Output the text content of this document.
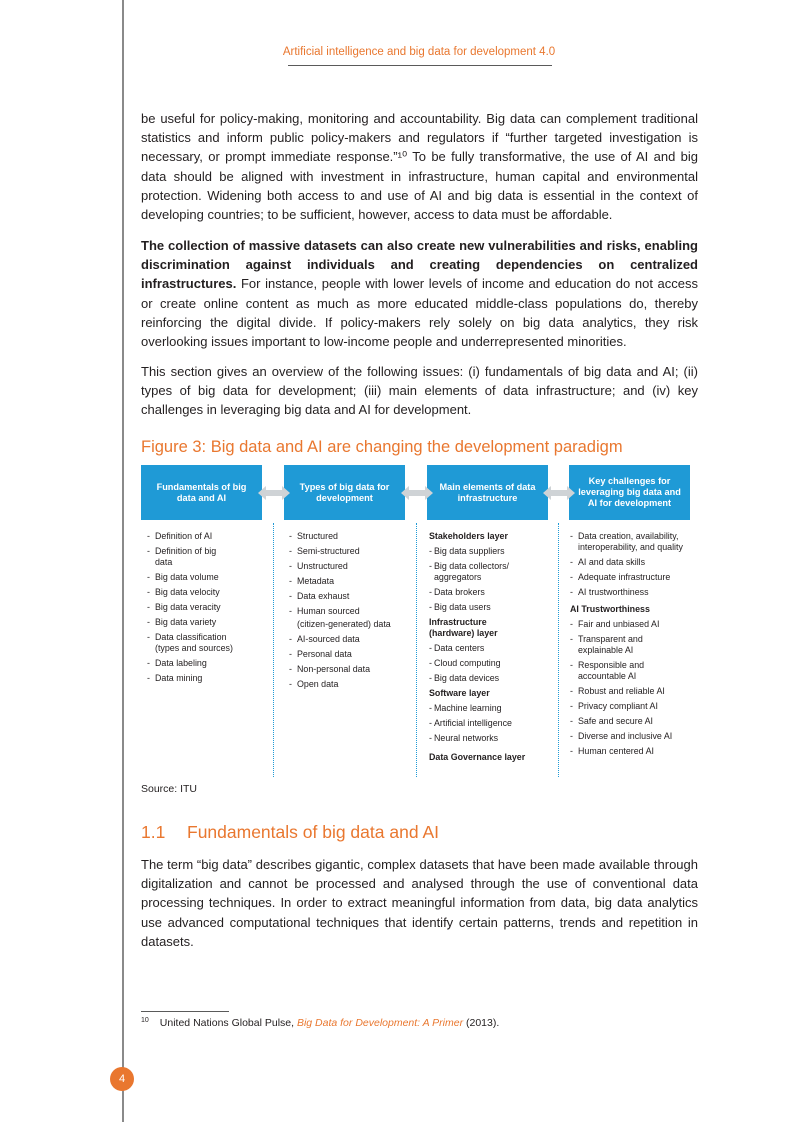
Artificial intelligence and big data for development 4.0

be useful for policy-making, monitoring and accountability. Big data can complement traditional statistics and inform public policy-makers and regulators if “further targeted investigation is necessary, or prompt immediate response.”¹⁰ To be fully transformative, the use of AI and big data should be aligned with investment in infrastructure, human capital and environmental protection. Widening both access to and use of AI and big data is essential in the context of developing countries; to be sufficient, however, access to data must be affordable.

The collection of massive datasets can also create new vulnerabilities and risks, enabling discrimination against individuals and creating dependencies on centralized infrastructures. For instance, people with lower levels of income and education do not access or create online content as much as more educated middle-class populations do, thereby reinforcing the digital divide. If policy-makers rely solely on big data analytics, they risk overlooking issues important to low-income people and underrepresented minorities.

This section gives an overview of the following issues: (i) fundamentals of big data and AI; (ii) types of big data for development; (iii) main elements of data infrastructure; and (iv) key challenges in leveraging big data and AI for development.

Figure 3: Big data and AI are changing the development paradigm
Fundamentals of big data and AI
Types of big data for development
Main elements of data infrastructure
Key challenges for leveraging big data and AI for development
- Definition of AI
- Definition of big data
- Big data volume
- Big data velocity
- Big data veracity
- Big data variety
- Data classification (types and sources)
- Data labeling
- Data mining
- Structured
- Semi-structured
- Unstructured
- Metadata
- Data exhaust
- Human sourced
(citizen-generated) data
- AI-sourced data
- Personal data
- Non-personal data
- Open data
Stakeholders layer
- Big data suppliers
- Big data collectors/ aggregators
- Data brokers
- Big data users
Infrastructure (hardware) layer
- Data centers
- Cloud computing
- Big data devices
Software layer
- Machine learning
- Artificial intelligence
- Neural networks
Data Governance layer
- Data creation, availability, interoperability, and quality
- AI and data skills
- Adequate infrastructure
- AI trustworthiness
AI Trustworthiness
- Fair and unbiased AI
- Transparent and explainable AI
- Responsible and accountable AI
- Robust and reliable AI
- Privacy compliant AI
- Safe and secure AI
- Diverse and inclusive AI
- Human centered AI
Source: ITU
1.1 Fundamentals of big data and AI

The term “big data” describes gigantic, complex datasets that have been made available through digitalization and cannot be processed and analysed through the use of conventional data processing techniques. In order to extract meaningful information from data, big data analytics use advanced computational techniques that identify certain patterns, trends and repetition in datasets.

$^{10}$ United Nations Global Pulse, Big Data for Development: A Primer (2013).
4
